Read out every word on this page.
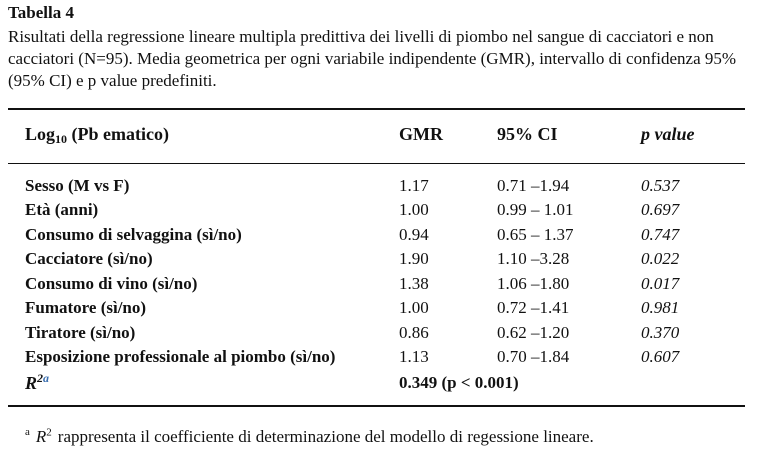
Tabella 4
Risultati della regressione lineare multipla predittiva dei livelli di piombo nel sangue di cacciatori e non cacciatori (N=95). Media geometrica per ogni variabile indipendente (GMR), intervallo di confidenza 95% (95% CI) e p value predefiniti.
Log$_{10}$ (Pb ematico)	GMR	95% CI	p value
Sesso (M vs F)	1.17	0.71 –1.94	0.537
Età (anni)	1.00	0.99 – 1.01	0.697
Consumo di selvaggina (sì/no)	0.94	0.65 – 1.37	0.747
Cacciatore (sì/no)	1.90	1.10 –3.28	0.022
Consumo di vino (sì/no)	1.38	1.06 –1.80	0.017
Fumatore (sì/no)	1.00	0.72 –1.41	0.981
Tiratore (sì/no)	0.86	0.62 –1.20	0.370
Esposizione professionale al piombo (sì/no)	1.13	0.70 –1.84	0.607
$R^{2a}$	0.349 (p < 0.001)
$^a$ $R^2$ rappresenta il coefficiente di determinazione del modello di regessione lineare.
